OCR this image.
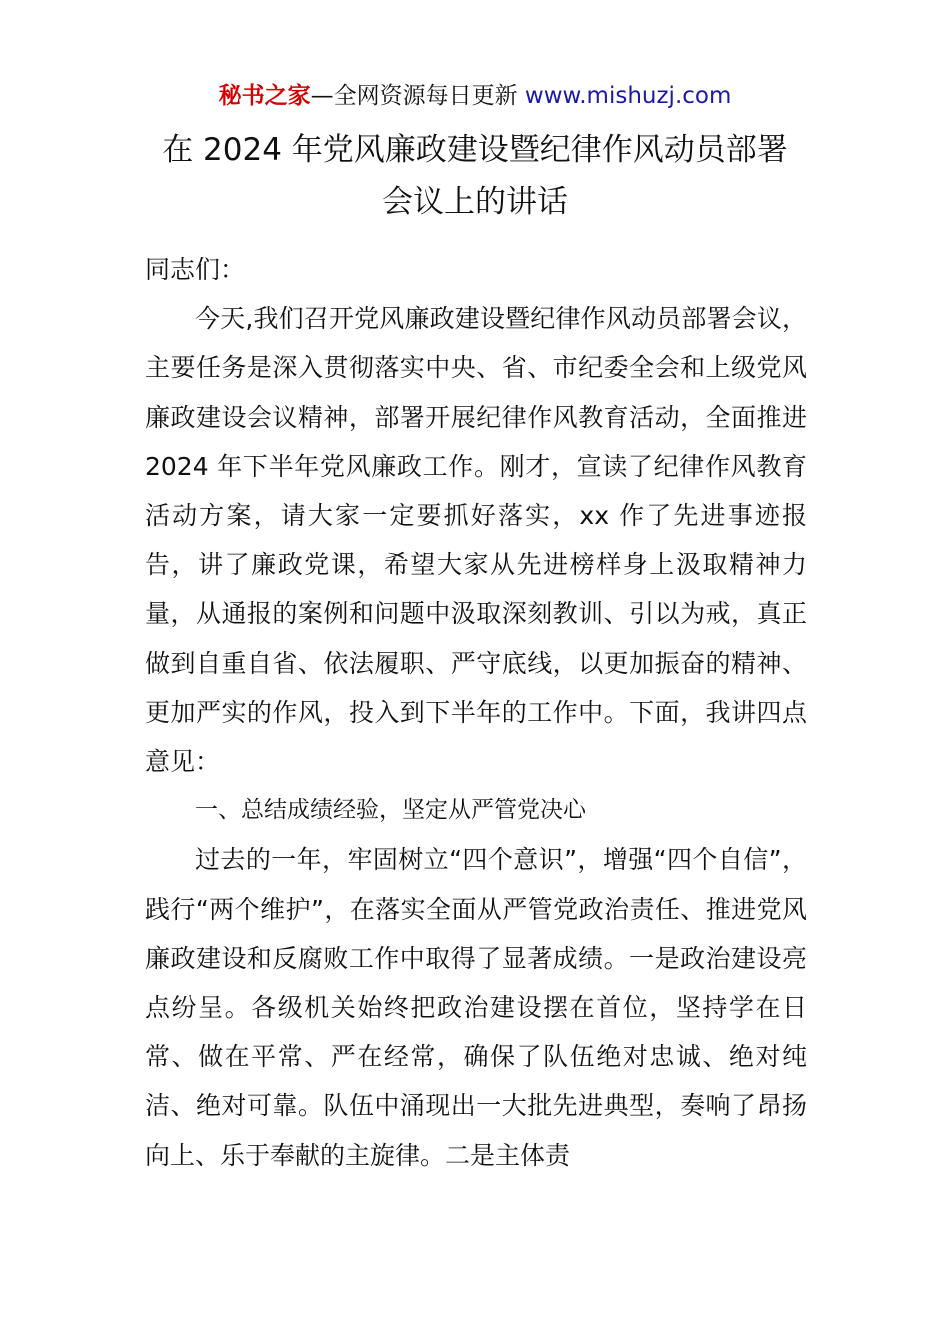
秘书之家—全网资源每日更新 www.mishuzj.com
在 2024 年党风廉政建设暨纪律作风动员部署
会议上的讲话

同志们：

今天,我们召开党风廉政建设暨纪律作风动员部署会议，主要任务是深入贯彻落实中央、省、市纪委全会和上级党风廉政建设会议精神，部署开展纪律作风教育活动，全面推进 2024 年下半年党风廉政工作。刚才，宣读了纪律作风教育活动方案，请大家一定要抓好落实，xx 作了先进事迹报告，讲了廉政党课，希望大家从先进榜样身上汲取精神力量，从通报的案例和问题中汲取深刻教训、引以为戒，真正做到自重自省、依法履职、严守底线，以更加振奋的精神、更加严实的作风，投入到下半年的工作中。下面，我讲四点意见：

一、总结成绩经验，坚定从严管党决心

过去的一年，牢固树立“四个意识”，增强“四个自信”，践行“两个维护”，在落实全面从严管党政治责任、推进党风廉政建设和反腐败工作中取得了显著成绩。一是政治建设亮点纷呈。各级机关始终把政治建设摆在首位，坚持学在日常、做在平常、严在经常，确保了队伍绝对忠诚、绝对纯洁、绝对可靠。队伍中涌现出一大批先进典型，奏响了昂扬向上、乐于奉献的主旋律。二是主体责
